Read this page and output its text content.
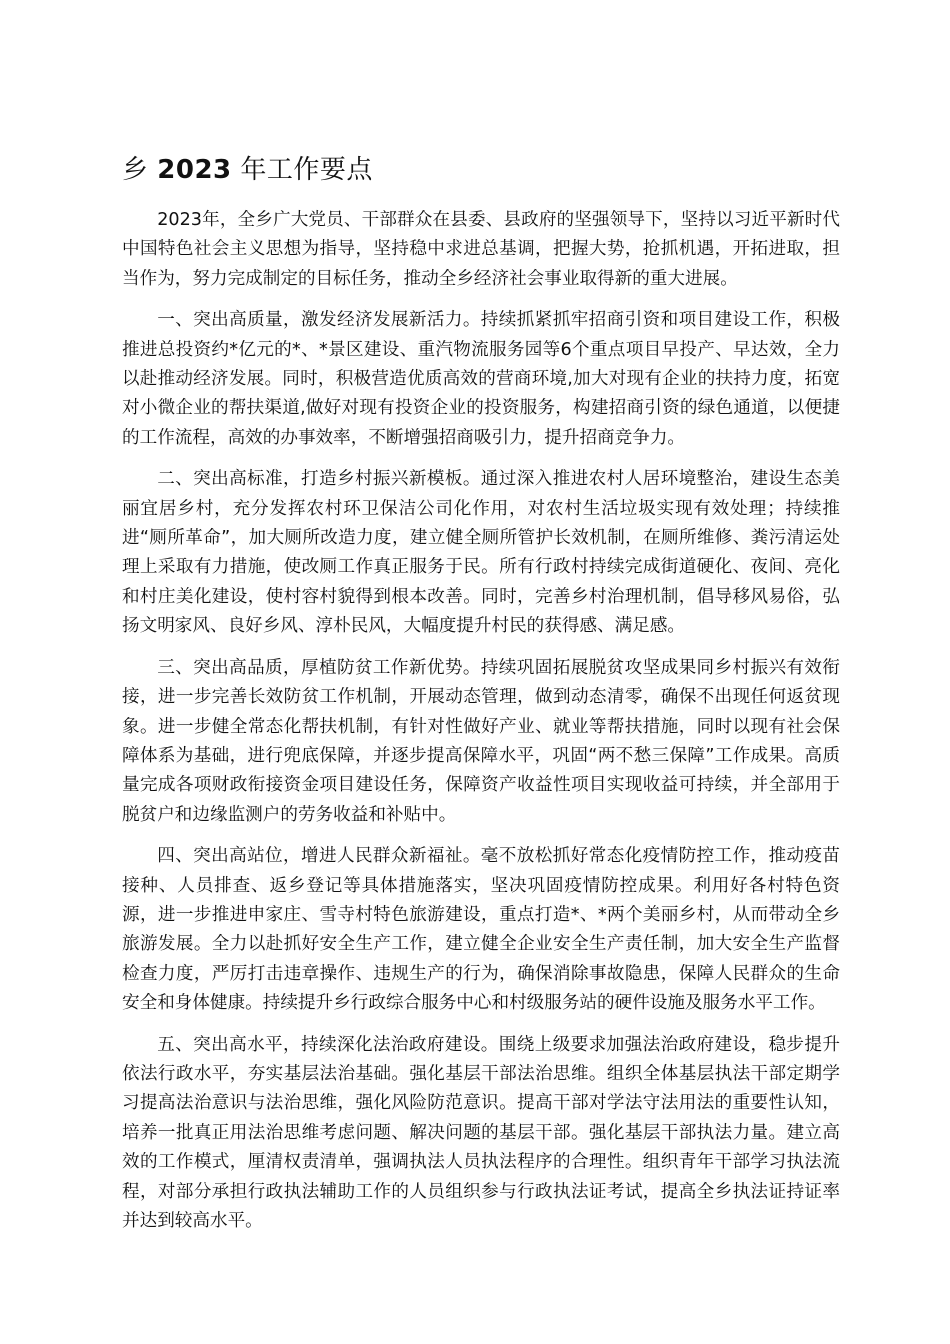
乡 2023 年工作要点

2023年，全乡广大党员、干部群众在县委、县政府的坚强领导下，坚持以习近平新时代中国特色社会主义思想为指导，坚持稳中求进总基调，把握大势，抢抓机遇，开拓进取，担当作为，努力完成制定的目标任务，推动全乡经济社会事业取得新的重大进展。

一、突出高质量，激发经济发展新活力。持续抓紧抓牢招商引资和项目建设工作，积极推进总投资约*亿元的*、*景区建设、重汽物流服务园等6个重点项目早投产、早达效，全力以赴推动经济发展。同时，积极营造优质高效的营商环境,加大对现有企业的扶持力度，拓宽对小微企业的帮扶渠道,做好对现有投资企业的投资服务，构建招商引资的绿色通道，以便捷的工作流程，高效的办事效率，不断增强招商吸引力，提升招商竞争力。

二、突出高标准，打造乡村振兴新模板。通过深入推进农村人居环境整治，建设生态美丽宜居乡村，充分发挥农村环卫保洁公司化作用，对农村生活垃圾实现有效处理；持续推进“厕所革命”，加大厕所改造力度，建立健全厕所管护长效机制，在厕所维修、粪污清运处理上采取有力措施，使改厕工作真正服务于民。所有行政村持续完成街道硬化、夜间、亮化和村庄美化建设，使村容村貌得到根本改善。同时，完善乡村治理机制，倡导移风易俗，弘扬文明家风、良好乡风、淳朴民风，大幅度提升村民的获得感、满足感。

三、突出高品质，厚植防贫工作新优势。持续巩固拓展脱贫攻坚成果同乡村振兴有效衔接，进一步完善长效防贫工作机制，开展动态管理，做到动态清零，确保不出现任何返贫现象。进一步健全常态化帮扶机制，有针对性做好产业、就业等帮扶措施，同时以现有社会保障体系为基础，进行兜底保障，并逐步提高保障水平，巩固“两不愁三保障”工作成果。高质量完成各项财政衔接资金项目建设任务，保障资产收益性项目实现收益可持续，并全部用于脱贫户和边缘监测户的劳务收益和补贴中。

四、突出高站位，增进人民群众新福祉。毫不放松抓好常态化疫情防控工作，推动疫苗接种、人员排查、返乡登记等具体措施落实，坚决巩固疫情防控成果。利用好各村特色资源，进一步推进申家庄、雪寺村特色旅游建设，重点打造*、*两个美丽乡村，从而带动全乡旅游发展。全力以赴抓好安全生产工作，建立健全企业安全生产责任制，加大安全生产监督检查力度，严厉打击违章操作、违规生产的行为，确保消除事故隐患，保障人民群众的生命安全和身体健康。持续提升乡行政综合服务中心和村级服务站的硬件设施及服务水平工作。

五、突出高水平，持续深化法治政府建设。围绕上级要求加强法治政府建设，稳步提升依法行政水平，夯实基层法治基础。强化基层干部法治思维。组织全体基层执法干部定期学习提高法治意识与法治思维，强化风险防范意识。提高干部对学法守法用法的重要性认知，培养一批真正用法治思维考虑问题、解决问题的基层干部。强化基层干部执法力量。建立高效的工作模式，厘清权责清单，强调执法人员执法程序的合理性。组织青年干部学习执法流程，对部分承担行政执法辅助工作的人员组织参与行政执法证考试，提高全乡执法证持证率并达到较高水平。
